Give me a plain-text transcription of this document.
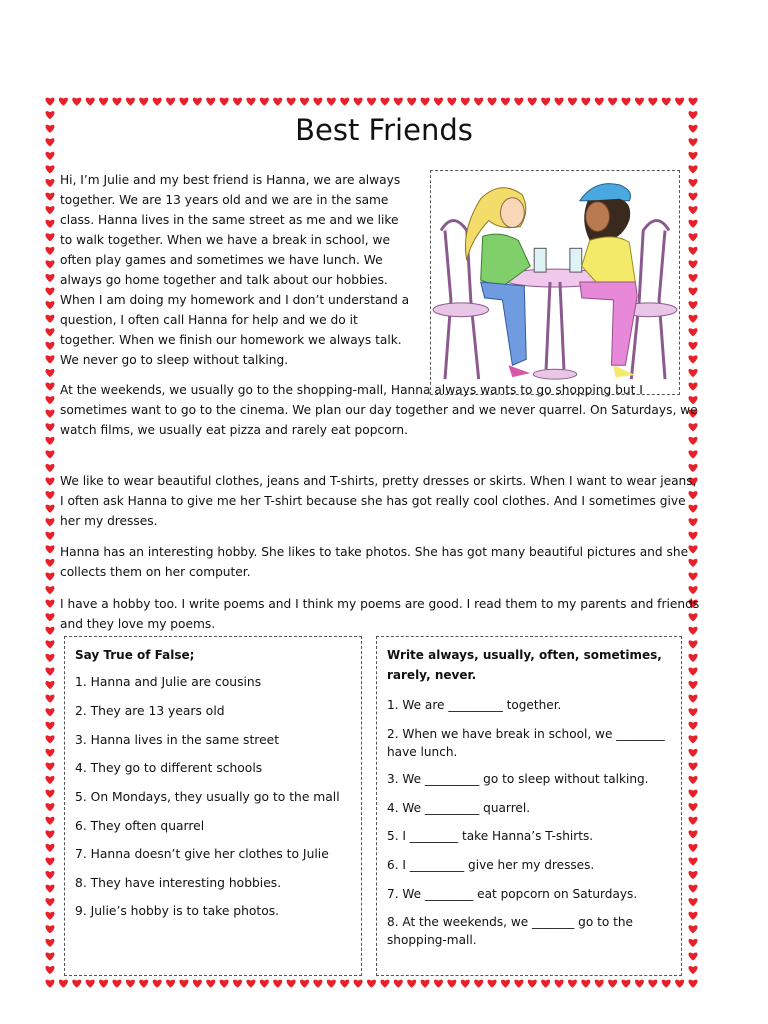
Best Friends

Hi, I’m Julie and my best friend is Hanna, we are always together. We are 13 years old and we are in the same class. Hanna lives in the same street as me and we like to walk together. When we have a break in school, we often play games and sometimes we have lunch. We always go home together and talk about our hobbies. When I am doing my homework and I don’t understand a question, I often call Hanna for help and we do it together. When we finish our homework we always talk. We never go to sleep without talking.

At the weekends, we usually go to the shopping-mall, Hanna always wants to go shopping but I sometimes want to go to the cinema. We plan our day together and we never quarrel. On Saturdays, we watch films, we usually eat pizza and rarely eat popcorn.

We like to wear beautiful clothes, jeans and T-shirts, pretty dresses or skirts. When I want to wear jeans, I often ask Hanna to give me her T-shirt because she has got really cool clothes. And I sometimes give her my dresses.

Hanna has an interesting hobby. She likes to take photos. She has got many beautiful pictures and she collects them on her computer.

I have a hobby too. I write poems and I think my poems are good. I read them to my parents and friends and they love my poems.

Say True of False;

1. Hanna and Julie are cousins
2. They are 13 years old
3. Hanna lives in the same street
4. They go to different schools
5. On Mondays, they usually go to the mall
6. They often quarrel
7. Hanna doesn’t give her clothes to Julie
8. They have interesting hobbies.
9. Julie’s hobby is to take photos.

Write always, usually, often, sometimes, rarely, never.

1. We are _________ together.
2. When we have break in school, we ________ have lunch.
3. We _________ go to sleep without talking.
4. We _________ quarrel.
5. I ________ take Hanna’s T-shirts.
6. I _________ give her my dresses.
7. We ________ eat popcorn on Saturdays.
8. At the weekends, we _______ go to the shopping-mall.
